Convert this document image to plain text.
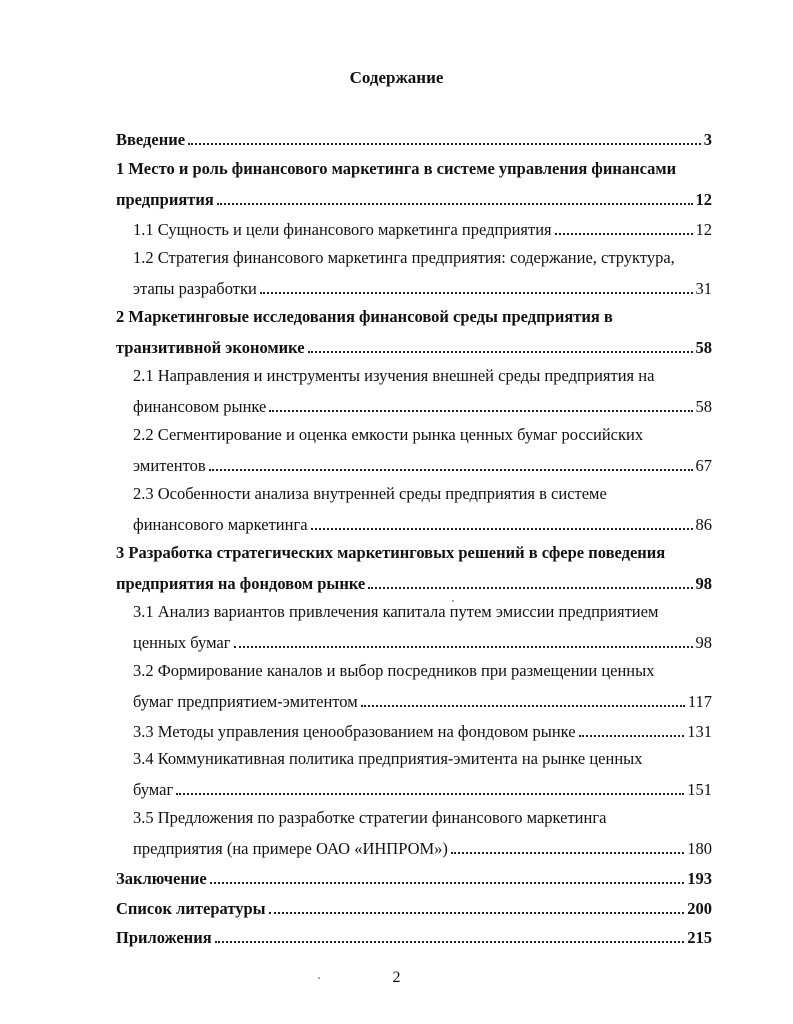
Содержание
Введение	3
1 Место и роль финансового маркетинга в системе управления финансами
предприятия	12
1.1 Сущность и цели финансового маркетинга предприятия	12
1.2 Стратегия финансового маркетинга предприятия: содержание, структура,
этапы разработки	31
2 Маркетинговые исследования финансовой среды предприятия в
транзитивной экономике	58
2.1 Направления и инструменты изучения внешней среды предприятия на
финансовом рынке	58
2.2 Сегментирование и оценка емкости рынка ценных бумаг российских
эмитентов	67
2.3 Особенности анализа внутренней среды предприятия в системе
финансового маркетинга	86
3 Разработка стратегических маркетинговых решений в сфере поведения
предприятия на фондовом рынке	98
3.1 Анализ вариантов привлечения капитала путем эмиссии предприятием
ценных бумаг	98
3.2 Формирование каналов и выбор посредников при размещении ценных
бумаг предприятием-эмитентом	117
3.3 Методы управления ценообразованием на фондовом рынке	131
3.4 Коммуникативная политика предприятия-эмитента на рынке ценных
бумаг	151
3.5 Предложения по разработке стратегии финансового маркетинга
предприятия (на примере ОАО «ИНПРОМ»)	180
Заключение	193
Список литературы	200
Приложения	215
2
